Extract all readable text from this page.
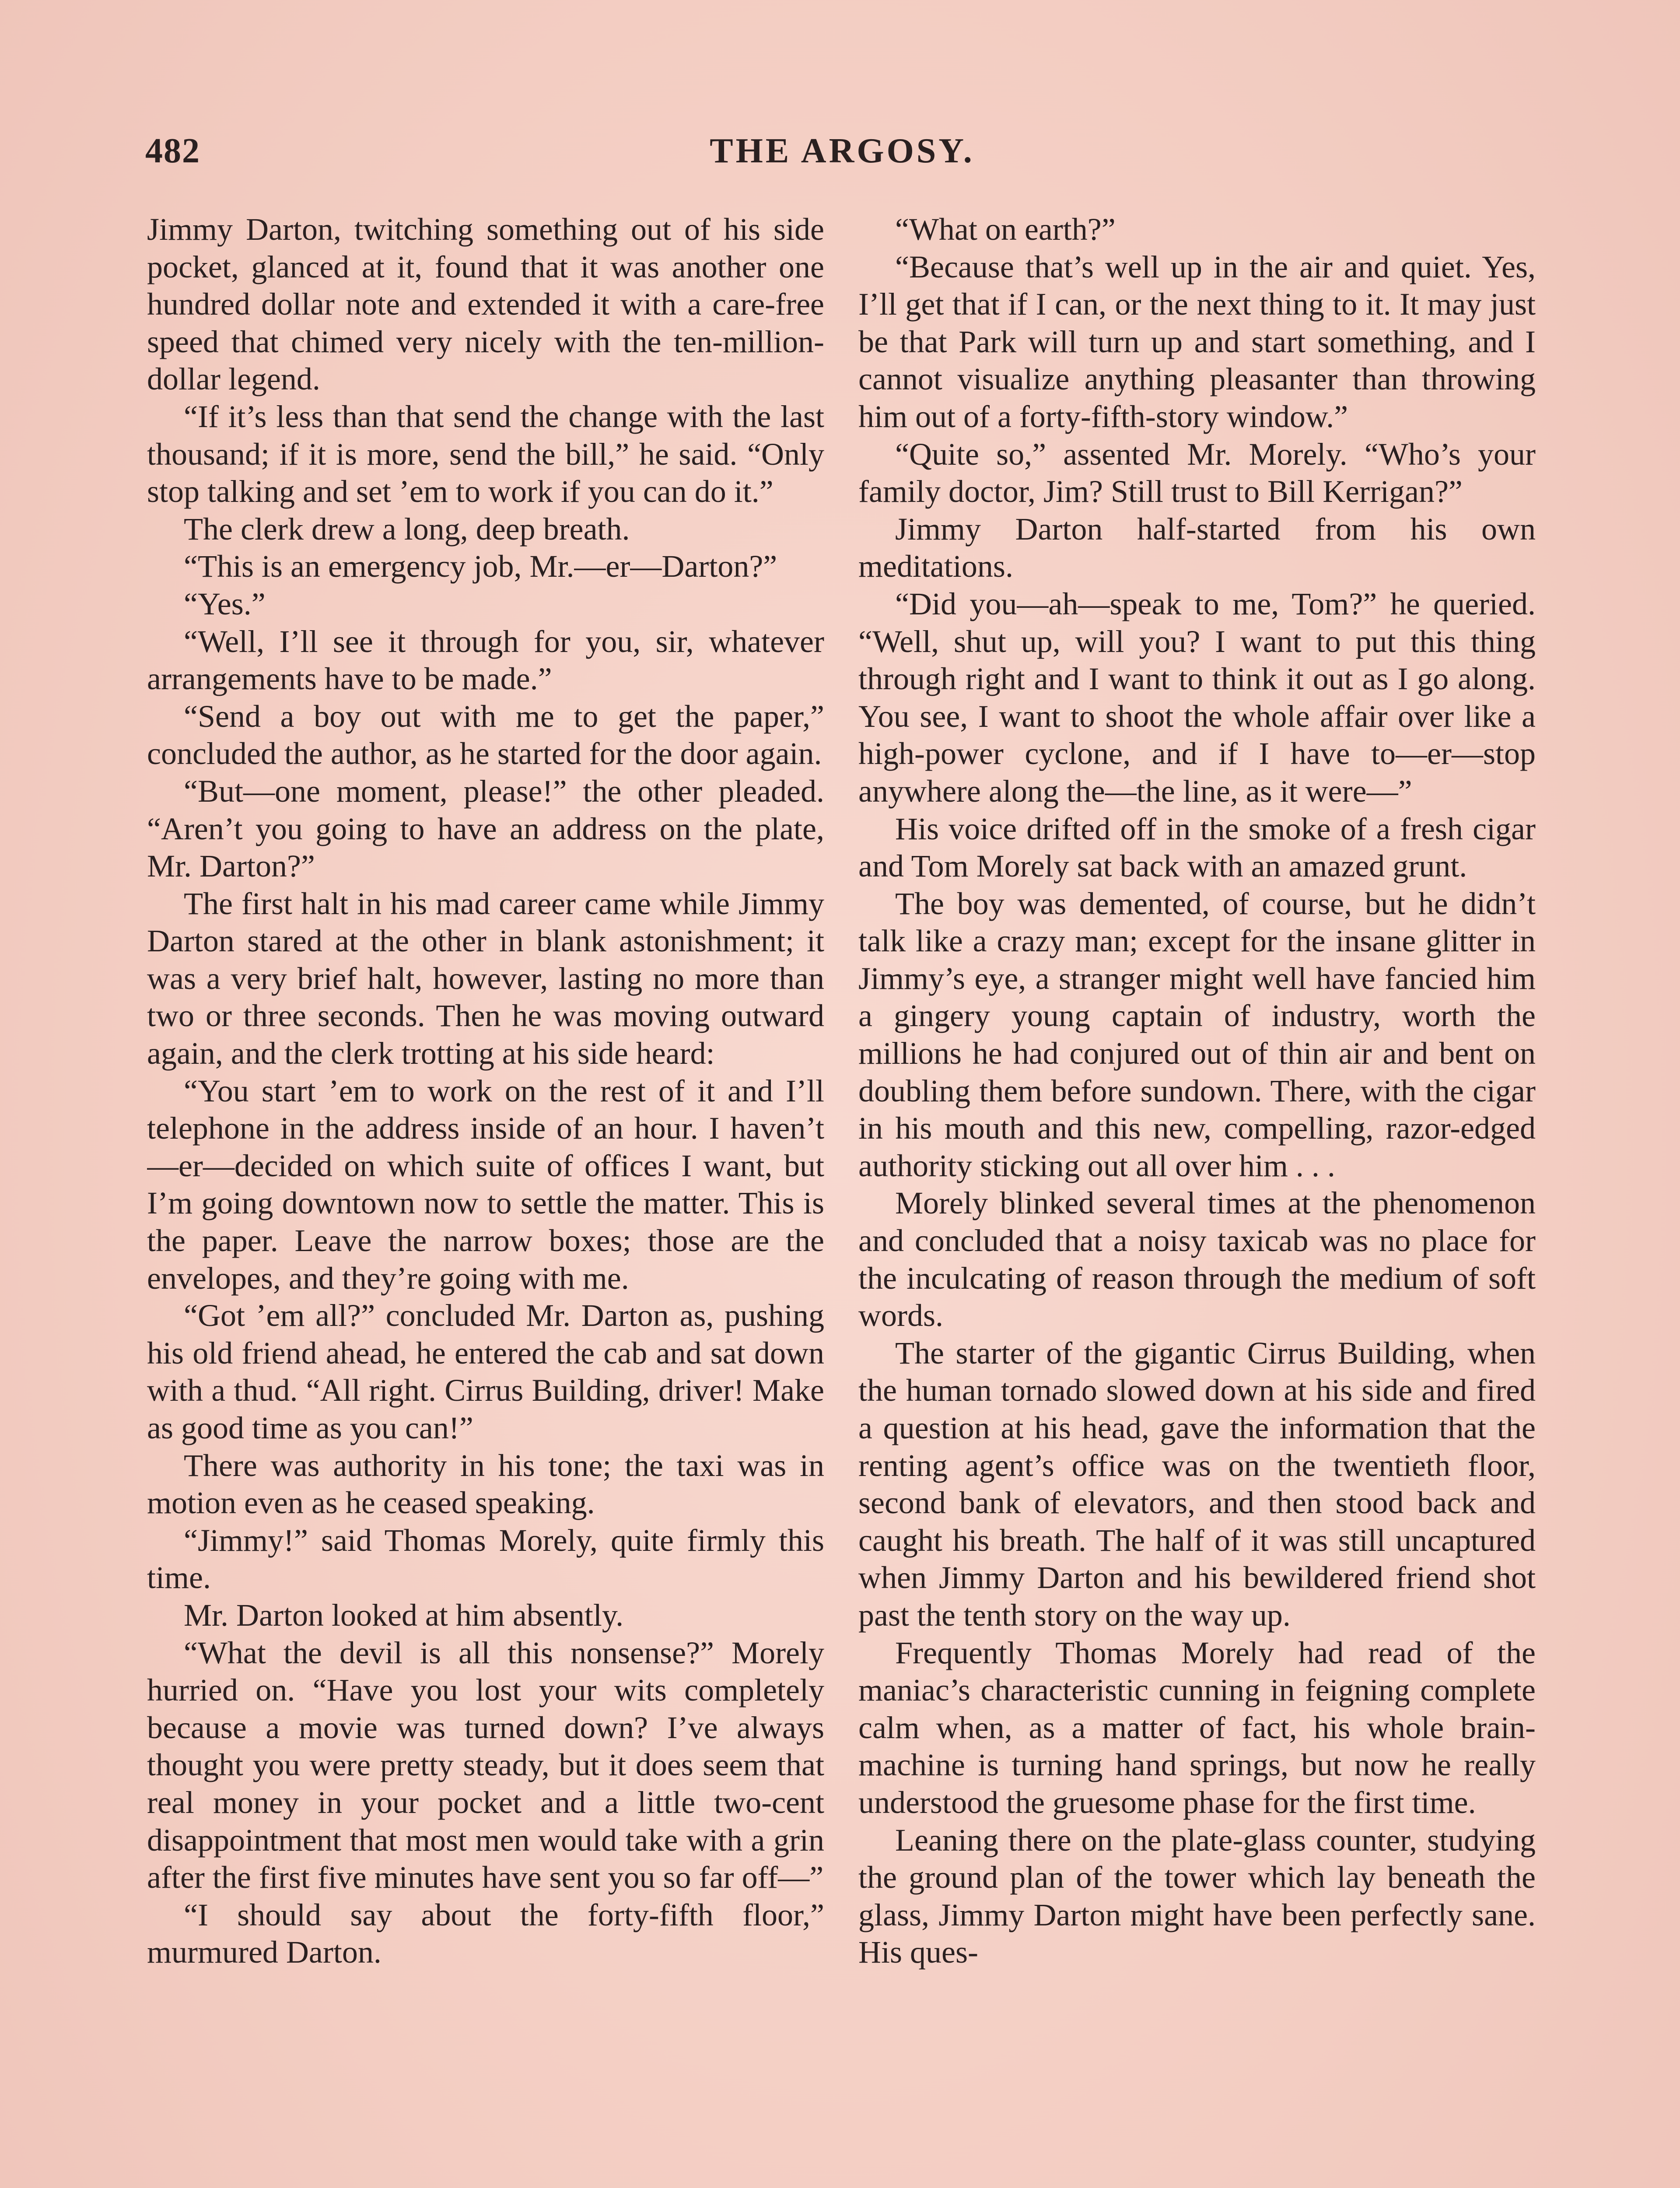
482	THE ARGOSY.

Jimmy Darton, twitching something out of his side pocket, glanced at it, found that it was another one hundred dollar note and extended it with a care-free speed that chimed very nicely with the ten-million-dollar legend.

“If it’s less than that send the change with the last thousand; if it is more, send the bill,” he said. “Only stop talking and set ’em to work if you can do it.”

The clerk drew a long, deep breath.

“This is an emergency job, Mr.—er—Darton?”

“Yes.”

“Well, I’ll see it through for you, sir, whatever arrangements have to be made.”

“Send a boy out with me to get the paper,” concluded the author, as he started for the door again.

“But—one moment, please!” the other pleaded. “Aren’t you going to have an address on the plate, Mr. Darton?”

The first halt in his mad career came while Jimmy Darton stared at the other in blank astonishment; it was a very brief halt, however, lasting no more than two or three seconds. Then he was moving outward again, and the clerk trotting at his side heard:

“You start ’em to work on the rest of it and I’ll telephone in the address inside of an hour. I haven’t—er—decided on which suite of offices I want, but I’m going downtown now to settle the matter. This is the paper. Leave the narrow boxes; those are the envelopes, and they’re going with me.

“Got ’em all?” concluded Mr. Darton as, pushing his old friend ahead, he entered the cab and sat down with a thud. “All right. Cirrus Building, driver! Make as good time as you can!”

There was authority in his tone; the taxi was in motion even as he ceased speaking.

“Jimmy!” said Thomas Morely, quite firmly this time.

Mr. Darton looked at him absently.

“What the devil is all this nonsense?” Morely hurried on. “Have you lost your wits completely because a movie was turned down? I’ve always thought you were pretty steady, but it does seem that real money in your pocket and a little two-cent disappointment that most men would take with a grin after the first five minutes have sent you so far off—”

“I should say about the forty-fifth floor,” murmured Darton.

“What on earth?”

“Because that’s well up in the air and quiet. Yes, I’ll get that if I can, or the next thing to it. It may just be that Park will turn up and start something, and I cannot visualize anything pleasanter than throwing him out of a forty-fifth-story window.”

“Quite so,” assented Mr. Morely. “Who’s your family doctor, Jim? Still trust to Bill Kerrigan?”

Jimmy Darton half-started from his own meditations.

“Did you—ah—speak to me, Tom?” he queried. “Well, shut up, will you? I want to put this thing through right and I want to think it out as I go along. You see, I want to shoot the whole affair over like a high-power cyclone, and if I have to—er—stop anywhere along the—the line, as it were—”

His voice drifted off in the smoke of a fresh cigar and Tom Morely sat back with an amazed grunt.

The boy was demented, of course, but he didn’t talk like a crazy man; except for the insane glitter in Jimmy’s eye, a stranger might well have fancied him a gingery young captain of industry, worth the millions he had conjured out of thin air and bent on doubling them before sundown. There, with the cigar in his mouth and this new, compelling, razor-edged authority sticking out all over him . . .

Morely blinked several times at the phenomenon and concluded that a noisy taxicab was no place for the inculcating of reason through the medium of soft words.

The starter of the gigantic Cirrus Building, when the human tornado slowed down at his side and fired a question at his head, gave the information that the renting agent’s office was on the twentieth floor, second bank of elevators, and then stood back and caught his breath. The half of it was still uncaptured when Jimmy Darton and his bewildered friend shot past the tenth story on the way up.

Frequently Thomas Morely had read of the maniac’s characteristic cunning in feigning complete calm when, as a matter of fact, his whole brain-machine is turning hand springs, but now he really understood the gruesome phase for the first time.

Leaning there on the plate-glass counter, studying the ground plan of the tower which lay beneath the glass, Jimmy Darton might have been perfectly sane. His ques-
